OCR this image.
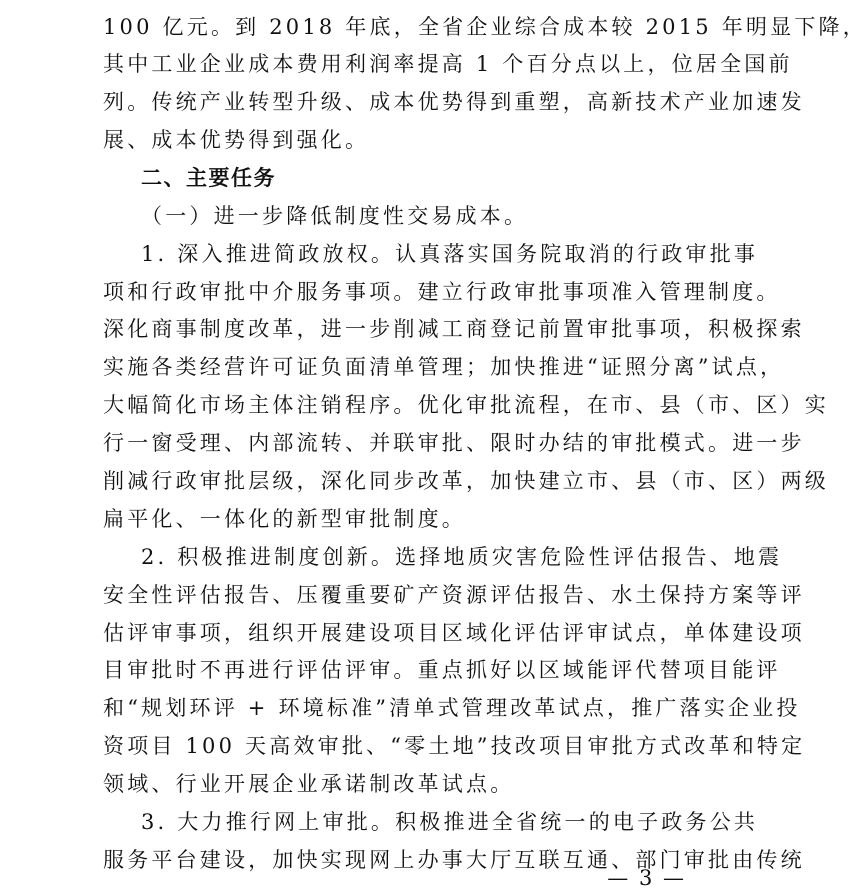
100 亿元。到 2018 年底，全省企业综合成本较 2015 年明显下降，
其中工业企业成本费用利润率提高 1 个百分点以上，位居全国前
列。传统产业转型升级、成本优势得到重塑，高新技术产业加速发
展、成本优势得到强化。
二、主要任务
（一）进一步降低制度性交易成本。
1. 深入推进简政放权。认真落实国务院取消的行政审批事
项和行政审批中介服务事项。建立行政审批事项准入管理制度。
深化商事制度改革，进一步削减工商登记前置审批事项，积极探索
实施各类经营许可证负面清单管理；加快推进“证照分离”试点，
大幅简化市场主体注销程序。优化审批流程，在市、县（市、区）实
行一窗受理、内部流转、并联审批、限时办结的审批模式。进一步
削减行政审批层级，深化同步改革，加快建立市、县（市、区）两级
扁平化、一体化的新型审批制度。
2. 积极推进制度创新。选择地质灾害危险性评估报告、地震
安全性评估报告、压覆重要矿产资源评估报告、水土保持方案等评
估评审事项，组织开展建设项目区域化评估评审试点，单体建设项
目审批时不再进行评估评审。重点抓好以区域能评代替项目能评
和“规划环评 + 环境标准”清单式管理改革试点，推广落实企业投
资项目 100 天高效审批、“零土地”技改项目审批方式改革和特定
领域、行业开展企业承诺制改革试点。
3. 大力推行网上审批。积极推进全省统一的电子政务公共
服务平台建设，加快实现网上办事大厅互联互通、部门审批由传统
— 3 —
